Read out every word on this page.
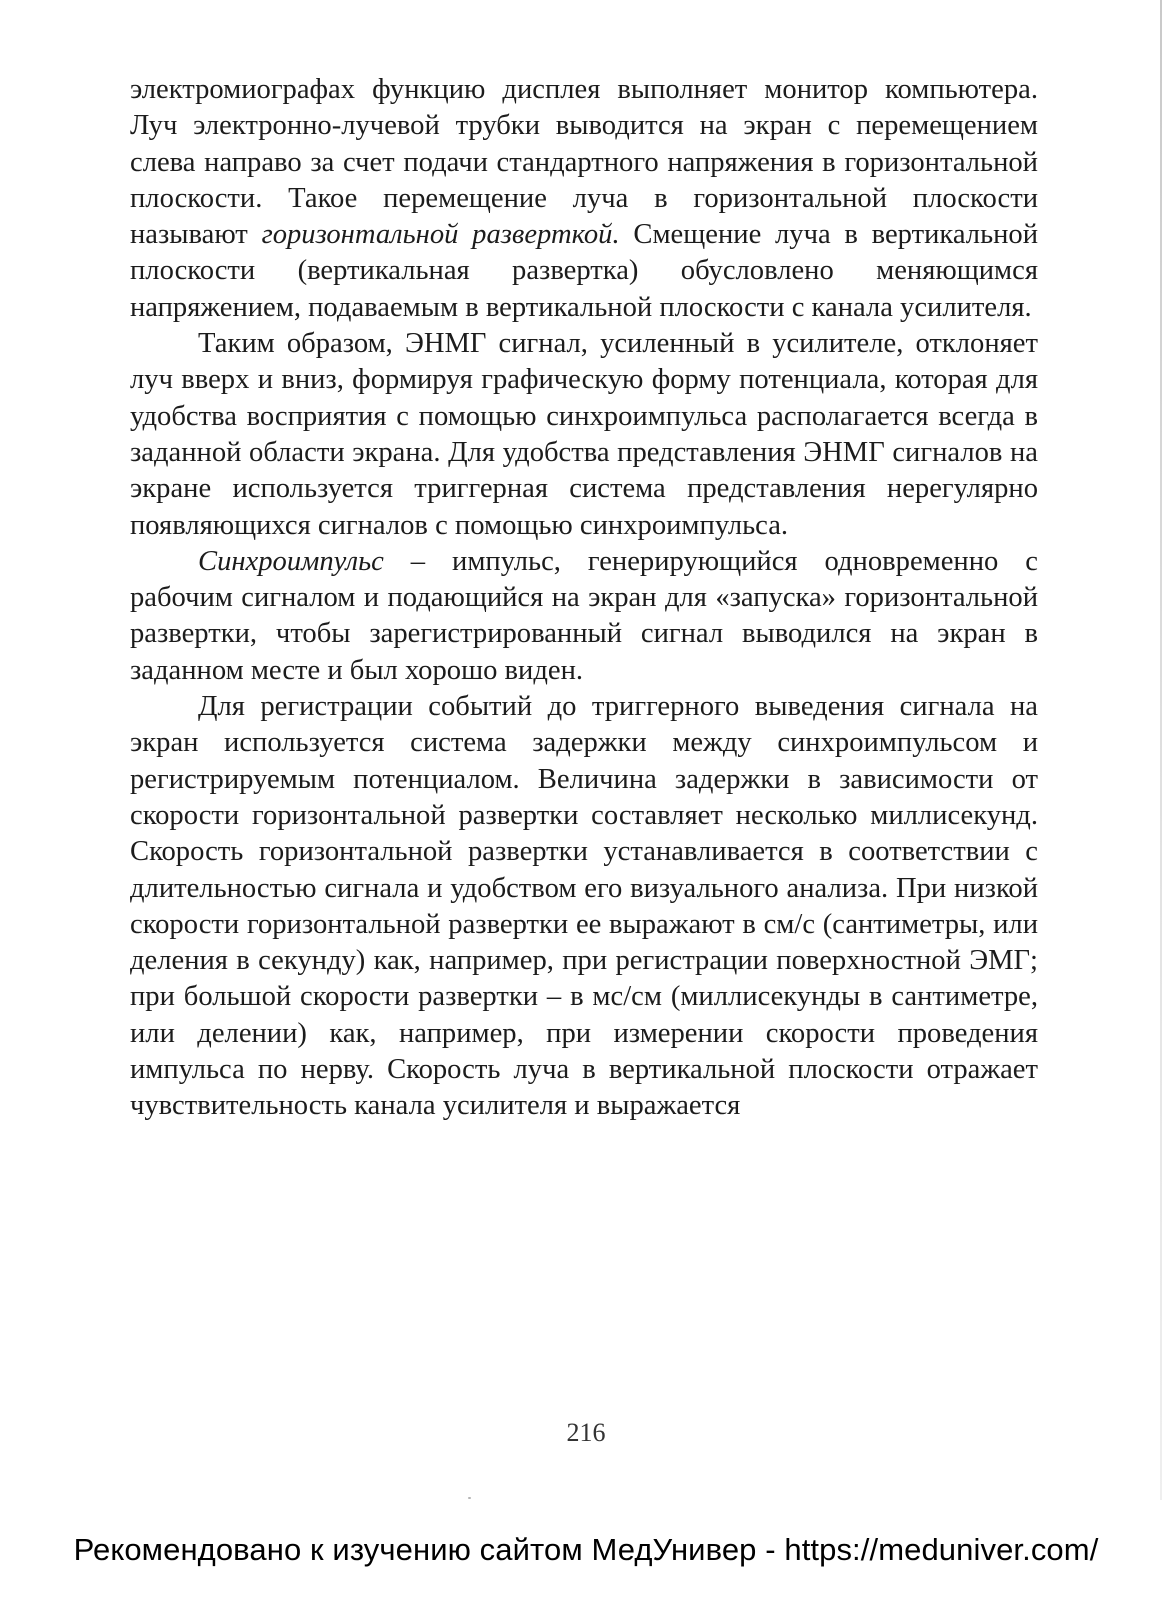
электромиографах функцию дисплея выполняет монитор компьютера. Луч электронно-лучевой трубки выводится на экран с перемещением слева направо за счет подачи стандартного напряжения в горизонтальной плоскости. Такое перемещение луча в горизонтальной плоскости называют горизонтальной разверткой. Смещение луча в вертикальной плоскости (вертикальная развертка) обусловлено меняющимся напряжением, подаваемым в вертикальной плоскости с канала усилителя.

Таким образом, ЭНМГ сигнал, усиленный в усилителе, отклоняет луч вверх и вниз, формируя графическую форму потенциала, которая для удобства восприятия с помощью синхроимпульса располагается всегда в заданной области экрана. Для удобства представления ЭНМГ сигналов на экране используется триггерная система представления нерегулярно появляющихся сигналов с помощью синхроимпульса.

Синхроимпульс – импульс, генерирующийся одновременно с рабочим сигналом и подающийся на экран для «запуска» горизонтальной развертки, чтобы зарегистрированный сигнал выводился на экран в заданном месте и был хорошо виден.

Для регистрации событий до триггерного выведения сигнала на экран используется система задержки между синхроимпульсом и регистрируемым потенциалом. Величина задержки в зависимости от скорости горизонтальной развертки составляет несколько миллисекунд. Скорость горизонтальной развертки устанавливается в соответствии с длительностью сигнала и удобством его визуального анализа. При низкой скорости горизонтальной развертки ее выражают в см/с (сантиметры, или деления в секунду) как, например, при регистрации поверхностной ЭМГ; при большой скорости развертки – в мс/см (миллисекунды в сантиметре, или делении) как, например, при измерении скорости проведения импульса по нерву. Скорость луча в вертикальной плоскости отражает чувствительность канала усилителя и выражается

216
Рекомендовано к изучению сайтом МедУнивер - https://meduniver.com/
